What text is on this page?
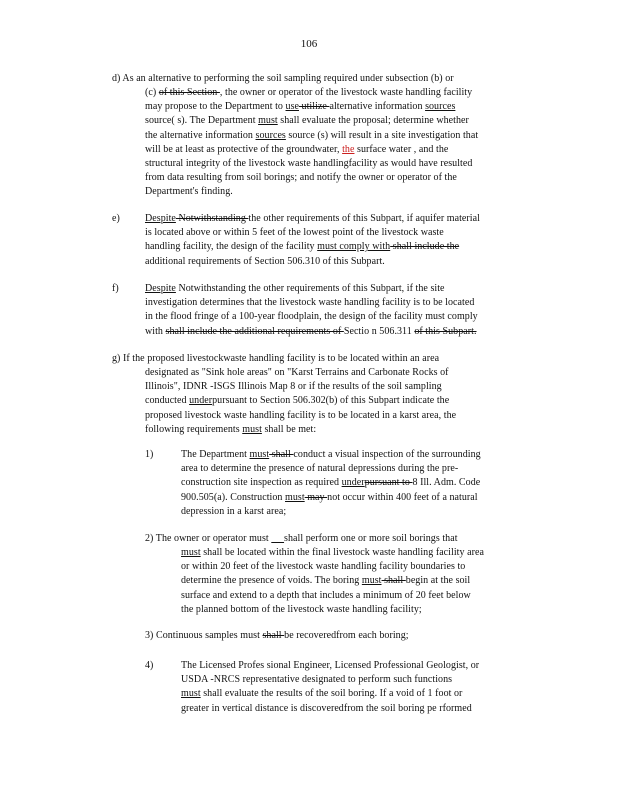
106
d) As an alternative to performing the soil sampling required under subsection (b) or
(c) of this Section , the owner or operator of the livestock waste handling facility
may propose to the Department to use utilize alternative information sources
source( s). The Department must shall evaluate the proposal; determine whether
the alternative information sources source (s) will result in a site investigation that
will be at least as protective of the groundwater, the surface water , and the
structural integrity of the livestock waste handlingfacility as would have resulted
from data resulting from soil borings; and notify the owner or operator of the
Department's finding.
e)	Despite Notwithstanding the other requirements of this Subpart, if aquifer material
is located above or within 5 feet of the lowest point of the livestock waste
handling facility, the design of the facility must comply with shall include the
additional requirements of Section 506.310 of this Subpart.
f)	Despite Notwithstanding the other requirements of this Subpart, if the site
investigation determines that the livestock waste handling facility is to be located
in the flood fringe of a 100-year floodplain, the design of the facility must comply
with shall include the additional requirements of Sectio n 506.311 of this Subpart.
g) If the proposed livestockwaste handling facility is to be located within an area
designated as "Sink hole areas" on "Karst Terrains and Carbonate Rocks of
Illinois", IDNR -ISGS Illinois Map 8 or if the results of the soil sampling
conducted underpursuant to Section 506.302(b) of this Subpart indicate the
proposed livestock waste handling facility is to be located in a karst area, the
following requirements must shall be met:
1)	The Department must shall conduct a visual inspection of the surrounding
area to determine the presence of natural depressions during the pre-
construction site inspection as required underpursuant to 8 Ill. Adm. Code
900.505(a). Construction must may not occur within 400 feet of a natural
depression in a karst area;
2) The owner or operator must      shall perform one or more soil borings that
must shall be located within the final livestock waste handling facility area
or within 20 feet of the livestock waste handling facility boundaries to
determine the presence of voids. The boring must shall begin at the soil
surface and extend to a depth that includes a minimum of 20 feet below
the planned bottom of the livestock waste handling facility;
3) Continuous samples must shall be recoveredfrom each boring;
4)	The Licensed Profes sional Engineer, Licensed Professional Geologist, or
USDA -NRCS representative designated to perform such functions
must shall evaluate the results of the soil boring. If a void of 1 foot or
greater in vertical distance is discoveredfrom the soil boring pe rformed
